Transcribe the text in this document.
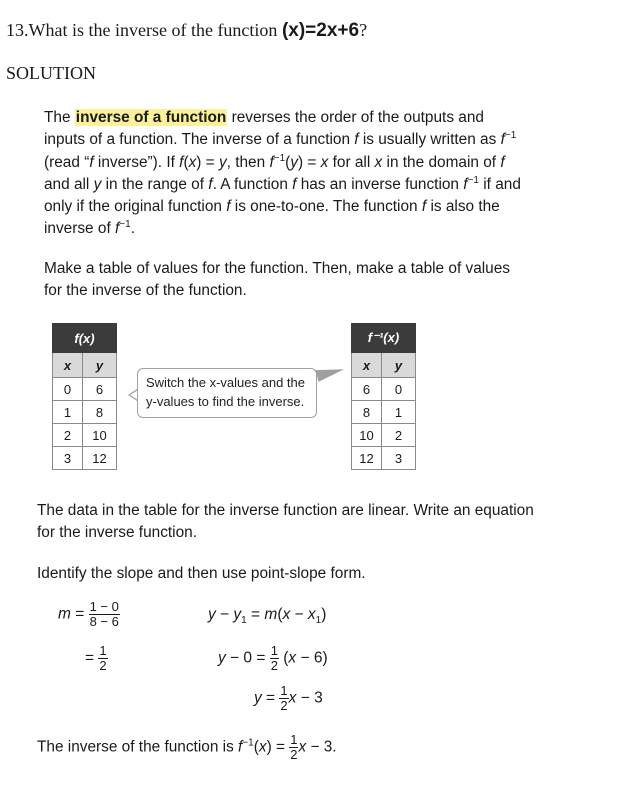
13.What is the inverse of the function (x)=2x+6?
SOLUTION
The inverse of a function reverses the order of the outputs and inputs of a function. The inverse of a function f is usually written as $f^{-1}$ (read “f inverse”). If f(x) = y, then $f^{-1}(y) = x$ for all x in the domain of f and all y in the range of f. A function f has an inverse function $f^{-1}$ if and only if the original function f is one-to-one. The function f is also the inverse of $f^{-1}$.
Make a table of values for the function. Then, make a table of values for the inverse of the function.
f(x)	
x	y
0	6
1	8
2	10
3	12
Switch the x-values and the
y-values to find the inverse.
f⁻¹(x)	
x	y
6	0
8	1
10	2
12	3
The data in the table for the inverse function are linear. Write an equation for the inverse function.
Identify the slope and then use point-slope form.
$m = \frac{1 - 0}{8 - 6}$
= $\frac{1}{2}$
$y - y_1 = m(x - x_1)$
$y - 0 = \frac{1}{2} (x - 6)$
$y = \frac{1}{2}$ x − 3
The inverse of the function is $f^{-1}(x) = \frac{1}{2}$ x − 3.
